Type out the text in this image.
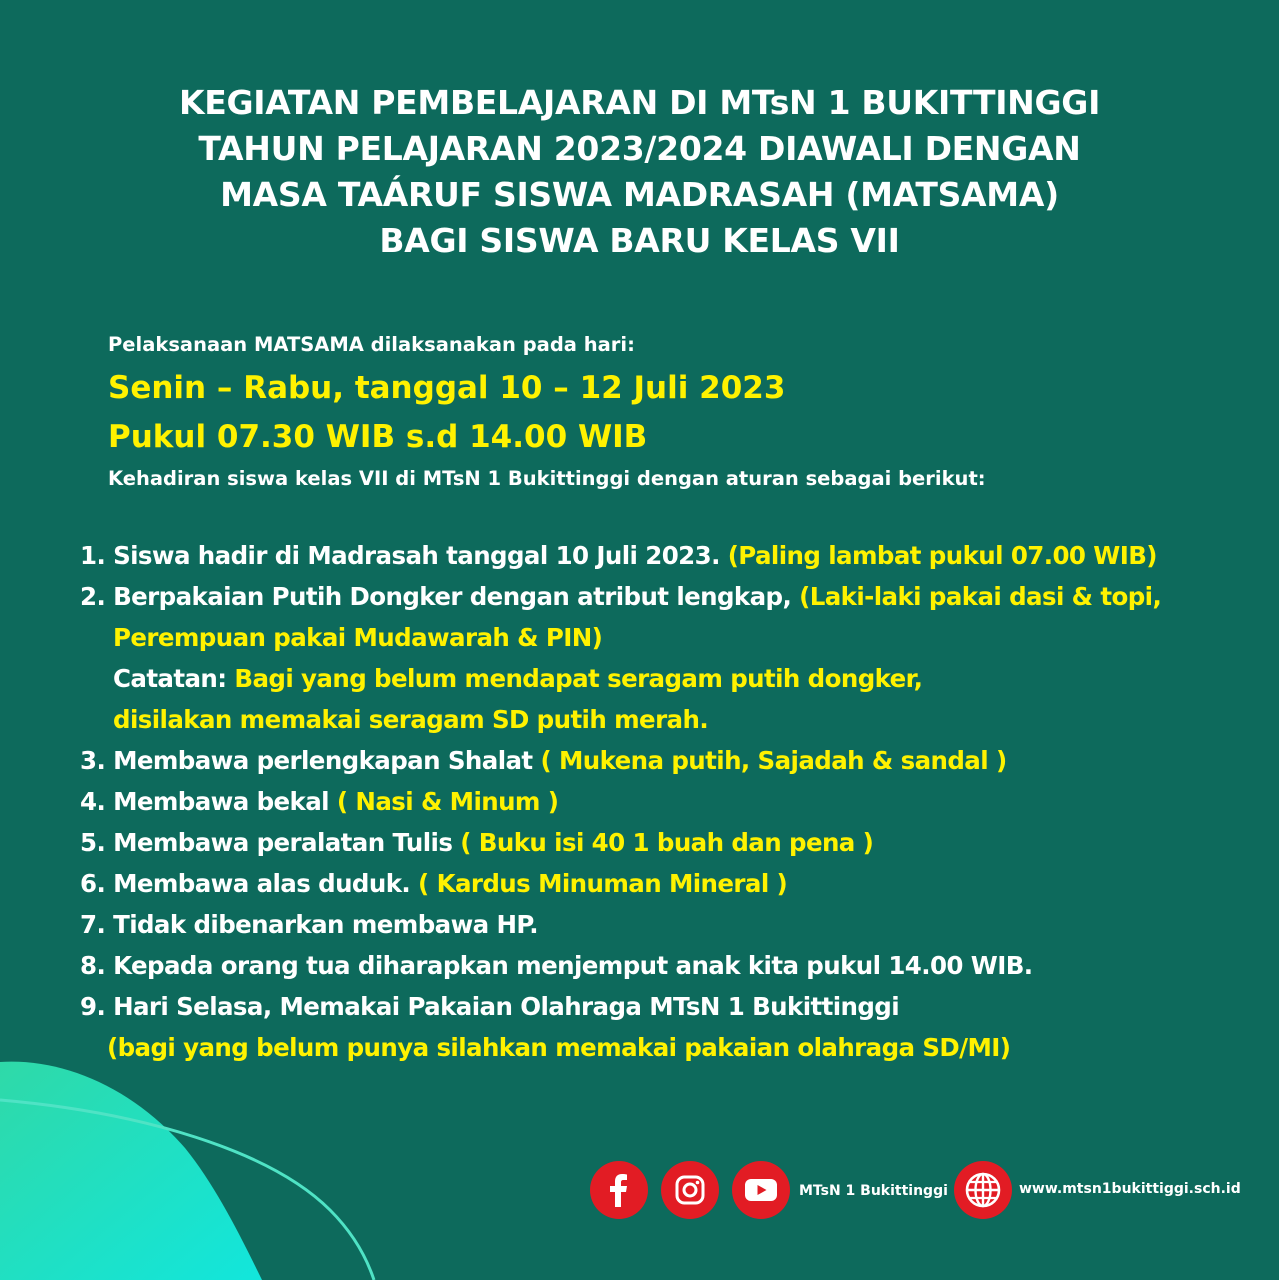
KEGIATAN PEMBELAJARAN DI MTsN 1 BUKITTINGGI
TAHUN PELAJARAN 2023/2024 DIAWALI DENGAN
MASA TAÁRUF SISWA MADRASAH (MATSAMA)
BAGI SISWA BARU KELAS VII
Pelaksanaan MATSAMA dilaksanakan pada hari:
Senin – Rabu, tanggal 10 – 12 Juli 2023
Pukul 07.30 WIB s.d 14.00 WIB
Kehadiran siswa kelas VII di MTsN 1 Bukittinggi dengan aturan sebagai berikut:
1. Siswa hadir di Madrasah tanggal 10 Juli 2023. (Paling lambat pukul 07.00 WIB)
2. Berpakaian Putih Dongker dengan atribut lengkap, (Laki-laki pakai dasi & topi,
Perempuan pakai Mudawarah & PIN)
Catatan: Bagi yang belum mendapat seragam putih dongker,
disilakan memakai seragam SD putih merah.
3. Membawa perlengkapan Shalat ( Mukena putih, Sajadah & sandal )
4. Membawa bekal ( Nasi & Minum )
5. Membawa peralatan Tulis ( Buku isi 40 1 buah dan pena )
6. Membawa alas duduk. ( Kardus Minuman Mineral )
7. Tidak dibenarkan membawa HP.
8. Kepada orang tua diharapkan menjemput anak kita pukul 14.00 WIB.
9. Hari Selasa, Memakai Pakaian Olahraga MTsN 1 Bukittinggi
(bagi yang belum punya silahkan memakai pakaian olahraga SD/MI)
MTsN 1 Bukittinggi	www.mtsn1bukittiggi.sch.id
